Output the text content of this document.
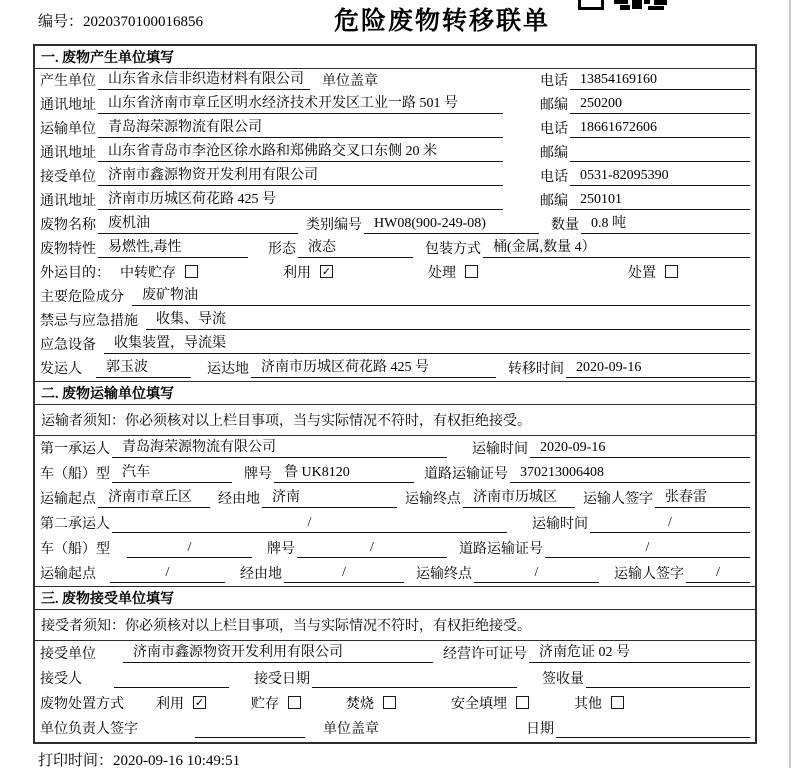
编号：2020370100016856	危险废物转移联单
一. 废物产生单位填写
产生单位 山东省永信非织造材料有限公司	单位盖章	电话 13854169160
通讯地址 山东省济南市章丘区明水经济技术开发区工业一路 501 号	邮编 250200
运输单位 青岛海荣源物流有限公司	电话 18661672606
通讯地址 山东省青岛市李沧区徐水路和郑佛路交叉口东侧 20 米	邮编
接受单位 济南市鑫源物资开发利用有限公司	电话 0531-82095390
通讯地址 济南市历城区荷花路 425 号	邮编 250101
废物名称 废机油	类别编号 HW08(900-249-08)	数量 0.8 吨
废物特性 易燃性,毒性	形态 液态	包装方式 桶(金属,数量 4）
外运目的： 中转贮存	利用 ✓	处理	处置
主要危险成分	废矿物油
禁忌与应急措施	收集、导流
应急设备	收集装置，导流渠
发运人	郭玉波	运达地 济南市历城区荷花路 425 号	转移时间 2020-09-16
二. 废物运输单位填写
运输者须知：你必须核对以上栏目事项，当与实际情况不符时，有权拒绝接受。
第一承运人 青岛海荣源物流有限公司	运输时间 2020-09-16
车（船）型 汽车	牌号 鲁 UK8120	道路运输证号 370213006408
运输起点 济南市章丘区	经由地 济南	运输终点 济南市历城区	运输人签字 张春雷
第二承运人	/	运输时间	/
车（船）型	/	牌号	/	道路运输证号	/
运输起点	/	经由地	/	运输终点	/	运输人签字	/
三. 废物接受单位填写
接受者须知：你必须核对以上栏目事项，当与实际情况不符时，有权拒绝接受。
接受单位	济南市鑫源物资开发利用有限公司	经营许可证号 济南危证 02 号
接受人	接受日期	签收量
废物处置方式 利用 ✓	贮存	焚烧	安全填埋	其他
单位负责人签字	单位盖章	日期
打印时间：2020-09-16 10:49:51
